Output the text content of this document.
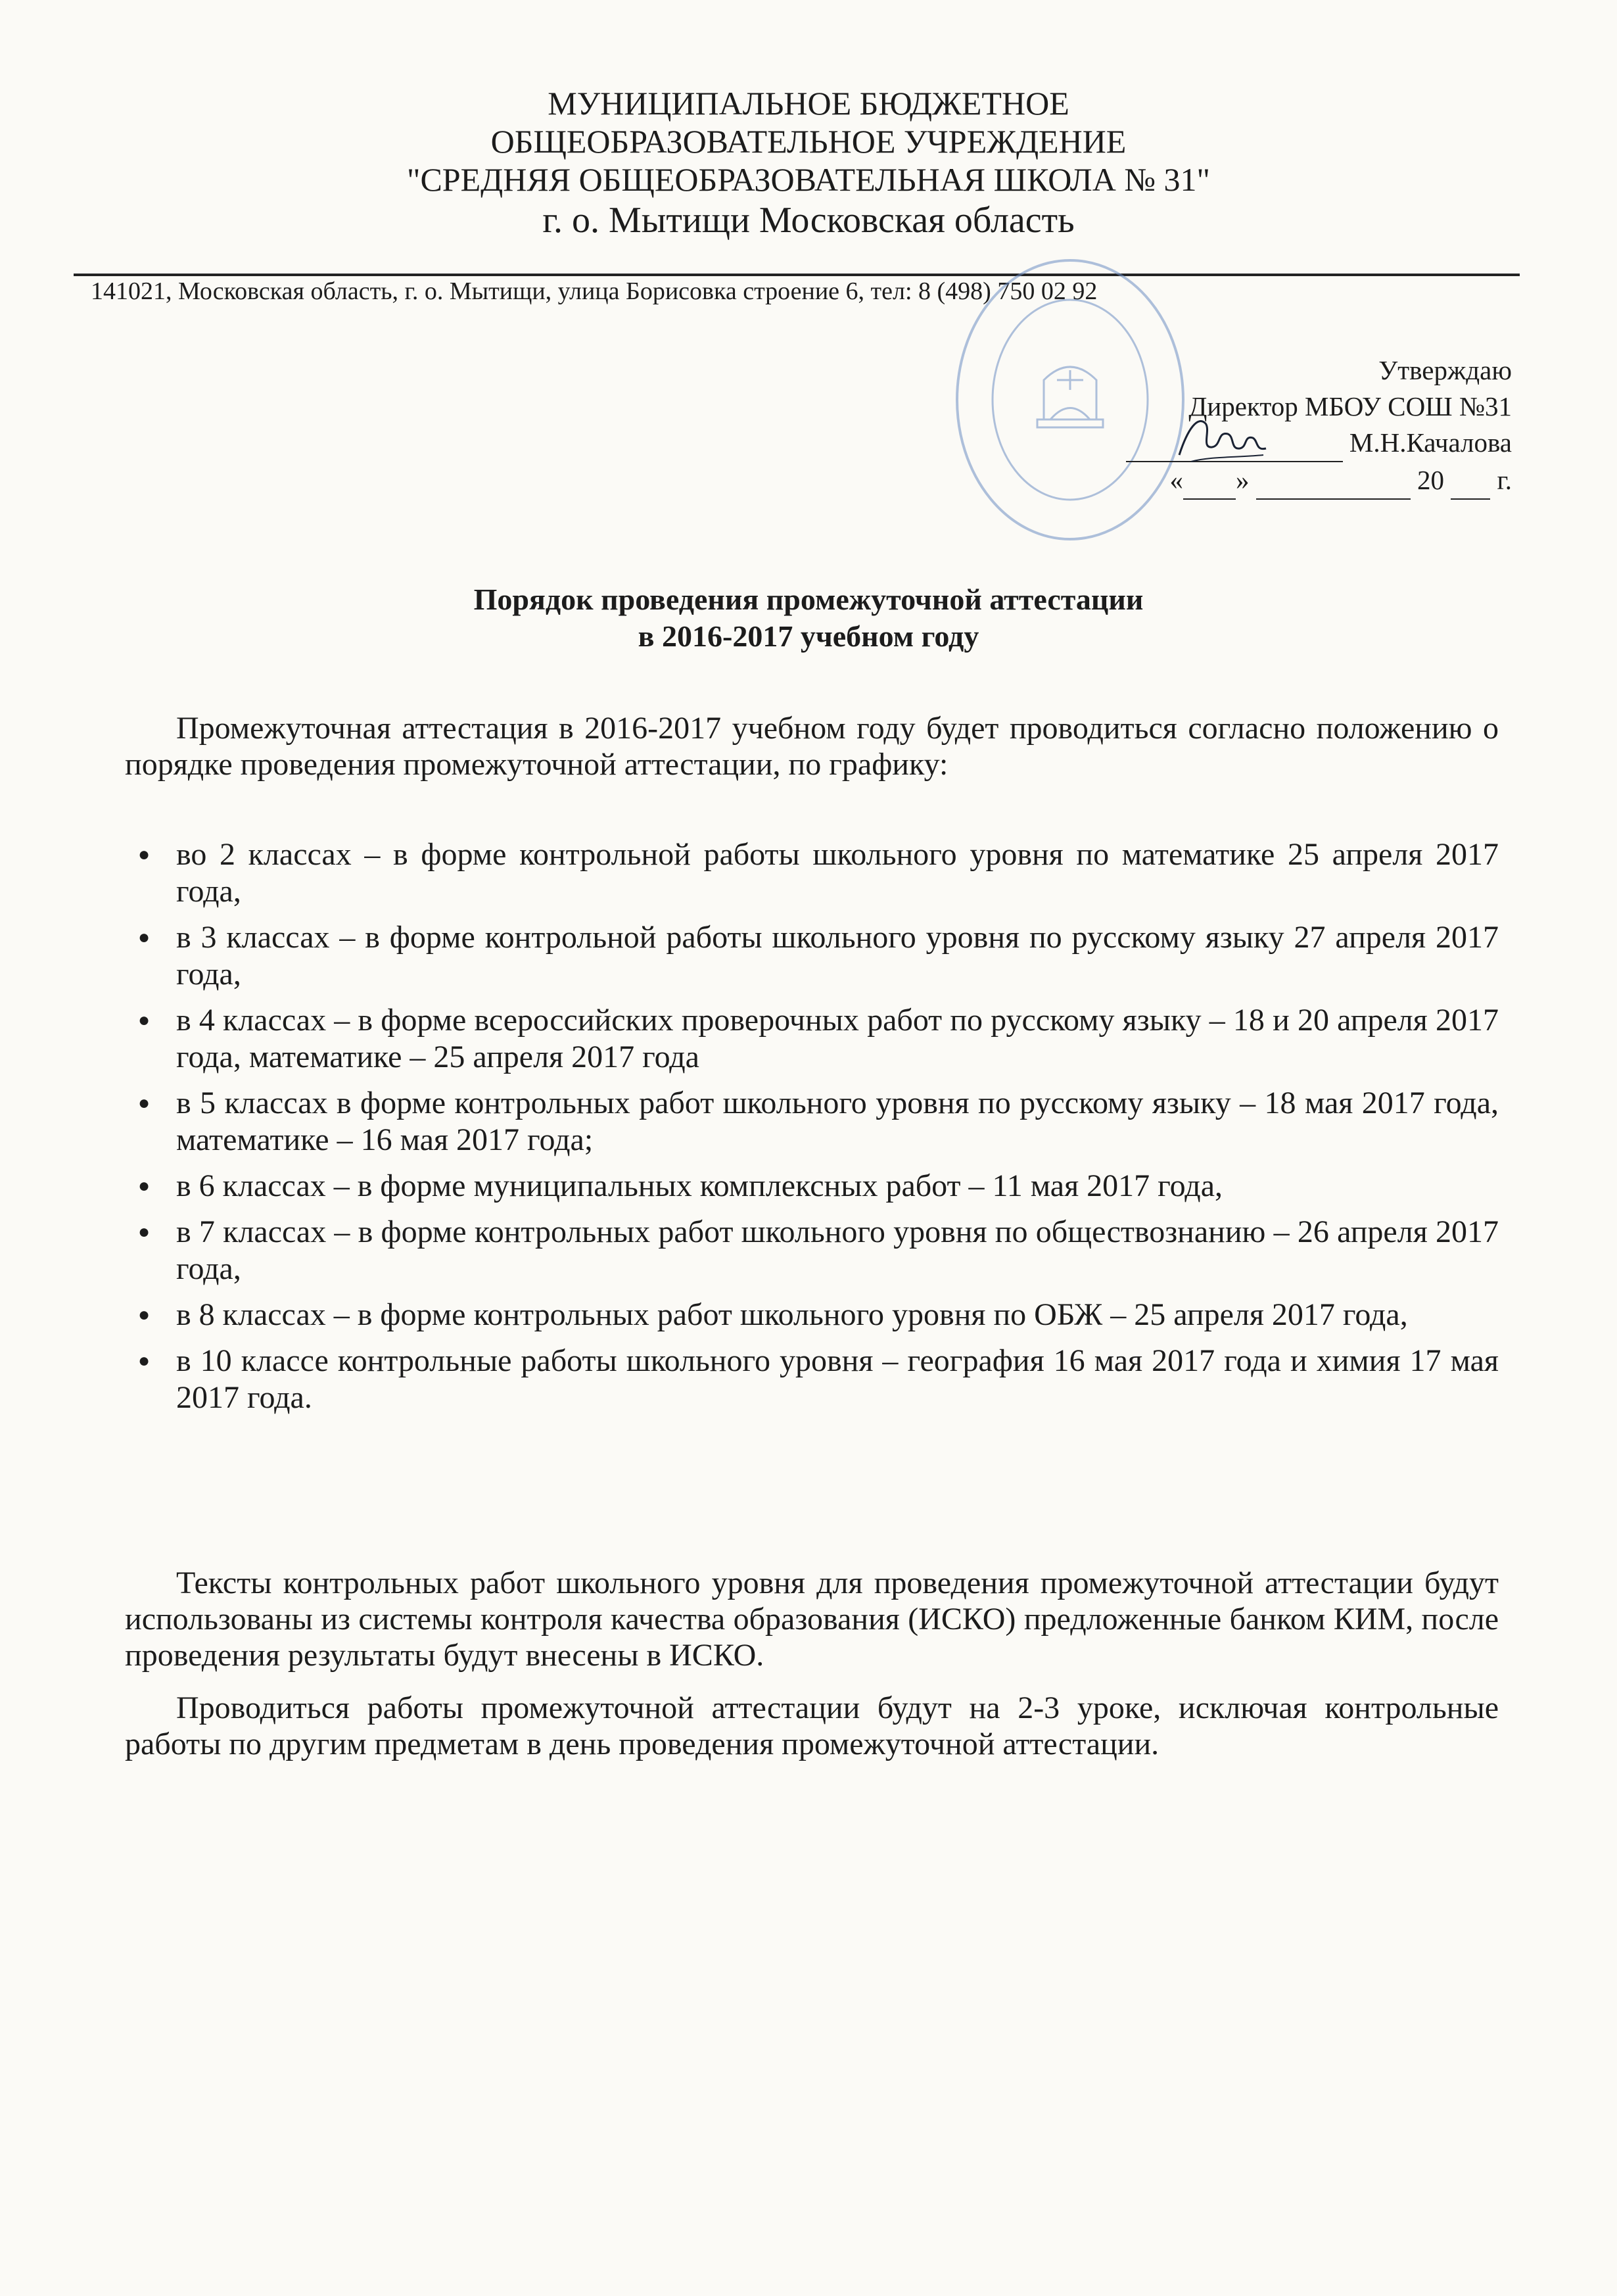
МУНИЦИПАЛЬНОЕ БЮДЖЕТНОЕ
ОБЩЕОБРАЗОВАТЕЛЬНОЕ УЧРЕЖДЕНИЕ
"СРЕДНЯЯ ОБЩЕОБРАЗОВАТЕЛЬНАЯ ШКОЛА № 31"
г. о. Мытищи Московская область
141021, Московская область, г. о. Мытищи, улица Борисовка строение 6, тел: 8 (498) 750 02 92
Утверждаю
Директор МБОУ СОШ №31
М.Н.Качалова
« »	20 г.
Порядок проведения промежуточной аттестации
в 2016-2017 учебном году

Промежуточная аттестация в 2016-2017 учебном году будет проводиться согласно положению о порядке проведения промежуточной аттестации, по графику:

● во 2 классах – в форме контрольной работы школьного уровня по математике 25 апреля 2017 года,
● в 3 классах – в форме контрольной работы школьного уровня по русскому языку 27 апреля 2017 года,
● в 4 классах – в форме всероссийских проверочных работ по русскому языку – 18 и 20 апреля 2017 года, математике – 25 апреля 2017 года
● в 5 классах в форме контрольных работ школьного уровня по русскому языку – 18 мая 2017 года, математике – 16 мая 2017 года;
● в 6 классах – в форме муниципальных комплексных работ – 11 мая 2017 года,
● в 7 классах – в форме контрольных работ школьного уровня по обществознанию – 26 апреля 2017 года,
● в 8 классах – в форме контрольных работ школьного уровня по ОБЖ – 25 апреля 2017 года,
● в 10 классе контрольные работы школьного уровня – география 16 мая 2017 года и химия 17 мая 2017 года.

Тексты контрольных работ школьного уровня для проведения промежуточной аттестации будут использованы из системы контроля качества образования (ИСКО) предложенные банком КИМ, после проведения результаты будут внесены в ИСКО.

Проводиться работы промежуточной аттестации будут на 2-3 уроке, исключая контрольные работы по другим предметам в день проведения промежуточной аттестации.
